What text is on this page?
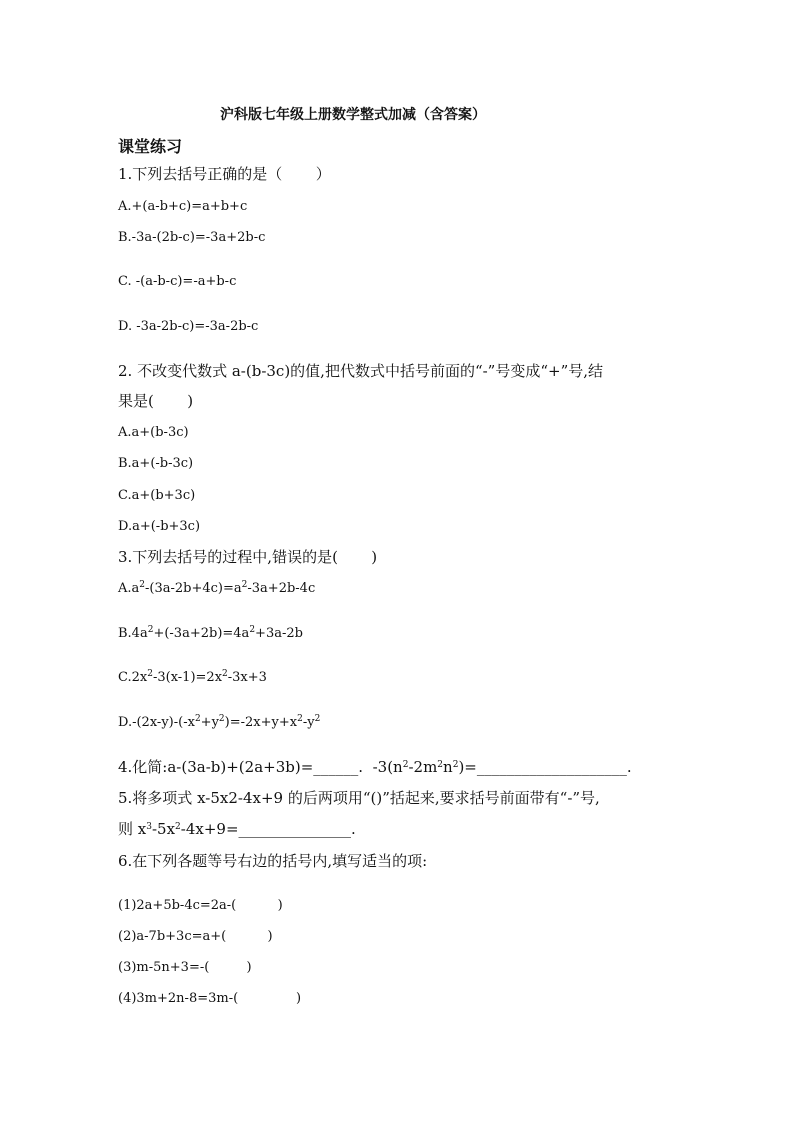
沪科版七年级上册数学整式加减（含答案）
课堂练习
1.下列去括号正确的是（       ）
A.+(a-b+c)=a+b+c
B.-3a-(2b-c)=-3a+2b-c
C. -(a-b-c)=-a+b-c
D. -3a-2b-c)=-3a-2b-c
2. 不改变代数式 a-(b-3c)的值,把代数式中括号前面的“-”号变成“+”号,结
果是(       )
A.a+(b-3c)
B.a+(-b-3c)
C.a+(b+3c)
D.a+(-b+3c)
3.下列去括号的过程中,错误的是(       )
$A.a^2-(3a-2b+4c)=a^2-3a+2b-4c$
$B.4a^2+(-3a+2b)=4a^2+3a-2b$
$C.2x^2-3(x-1)=2x^2-3x+3$
$D.-(2x-y)-(-x^2+y^2)=-2x+y+x^2-y^2$
4.化简:a-(3a-b)+(2a+3b)=______.  $-3(n^2-2m^2n^2)=\_\_\_\_\_\_\_\_\_\_\_\_\_\_\_\_\_\_\_\_$.
5.将多项式 x-5x2-4x+9 的后两项用“()”括起来,要求括号前面带有“-”号,
则 $x^3-5x^2-4x+9=\_\_\_\_\_\_\_\_\_\_\_\_\_\_\_$.
6.在下列各题等号右边的括号内,填写适当的项:
(1)2a+5b-4c=2a-(          )
(2)a-7b+3c=a+(          )
(3)m-5n+3=-(         )
(4)3m+2n-8=3m-(              )
